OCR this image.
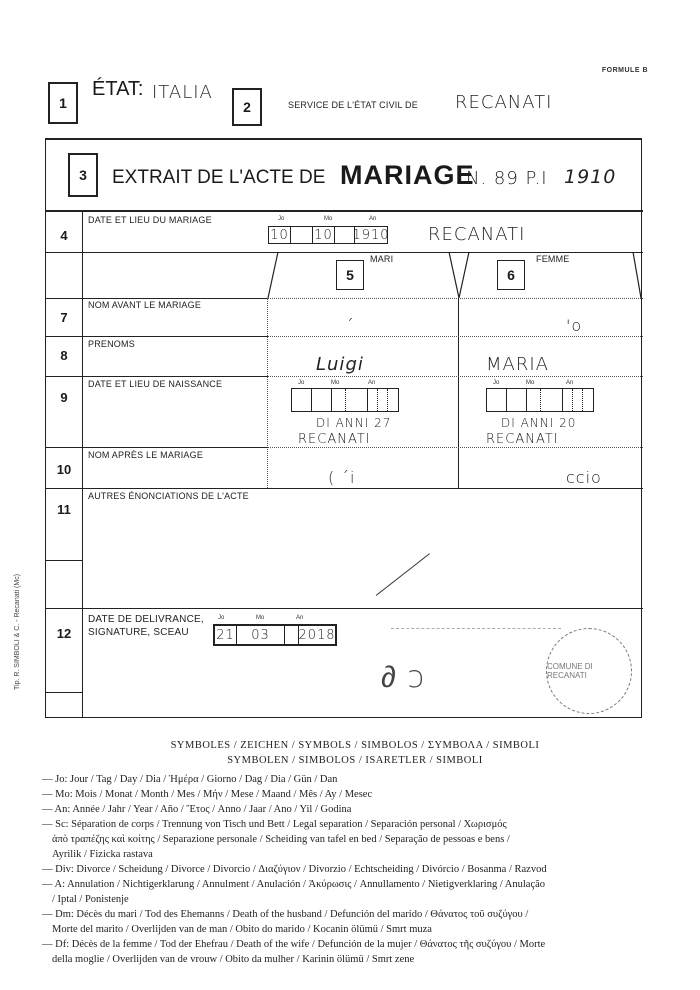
FORMULE B
1
ÉTAT: ITALIA
2	SERVICE DE L'ÉTAT CIVIL DE RECANATI
3	EXTRAIT DE L'ACTE DE MARIAGE
N. 89 P.I 1910
4
DATE ET LIEU DU MARIAGE	Jo	Mo	An
10 10 1910 RECANATI
5
MARI
6
FEMME
7
NOM AVANT LE MARIAGE
ˊ	'o
8
PRENOMS
Luigi	MARIA
9
DATE ET LIEU DE NAISSANCE	Jo	Mo	An
DI ANNI 27
RECANATI
Jo	Mo	An
DI ANNI 20
RECANATI
10
NOM APRÈS LE MARIAGE
( ˊi	ccio
11
AUTRES ÉNONCIATIONS DE L'ACTE
12
DATE DE DELIVRANCE,
SIGNATURE, SCEAU
Jo	Mo	An
21	03	2018
∂ ɔ	COMUNE DI RECANATI
Tip. R. SIMBOLI & C. - Recanati (Mc)
SYMBOLES / ZEICHEN / SYMBOLS / SIMBOLOS / ΣΥΜΒΟΛΑ / SIMBOLI
SYMBOLEN / SIMBOLOS / ISARETLER / SIMBOLI
— Jo: Jour / Tag / Day / Dia / Ἡμέρα / Giorno / Dag / Dia / Gün / Dan
— Mo: Mois / Monat / Month / Mes / Μήν / Mese / Maand / Mês / Ay / Mesec
— An: Année / Jahr / Year / Año / Ἔτος / Anno / Jaar / Ano / Yil / Godina
— Sc: Séparation de corps / Trennung von Tisch und Bett / Legal separation / Separación personal / Χωρισμός
ἀπὸ τραπέζης καὶ κοίτης / Separazione personale / Scheiding van tafel en bed / Separação de pessoas e bens /
Ayrilik / Fizicka rastava
— Div: Divorce / Scheidung / Divorce / Divorcio / Διαζύγιον / Divorzio / Echtscheiding / Divórcio / Bosanma / Razvod
— A: Annulation / Nichtigerklarung / Annulment / Anulación / Ἀκύρωσις / Annullamento / Nietigverklaring / Anulação
/ Iptal / Ponistenje
— Dm: Décès du mari / Tod des Ehemanns / Death of the husband / Defunción del marido / Θάνατος τοῦ συζύγου /
Morte del marito / Overlijden van de man / Obito do marido / Kocanin ölümü / Smrt muza
— Df: Décès de la femme / Tod der Ehefrau / Death of the wife / Defunción de la mujer / Θάνατος τῆς συζύγου / Morte
della moglie / Overlijden van de vrouw / Obito da mulher / Karinin ölümü / Smrt zene
